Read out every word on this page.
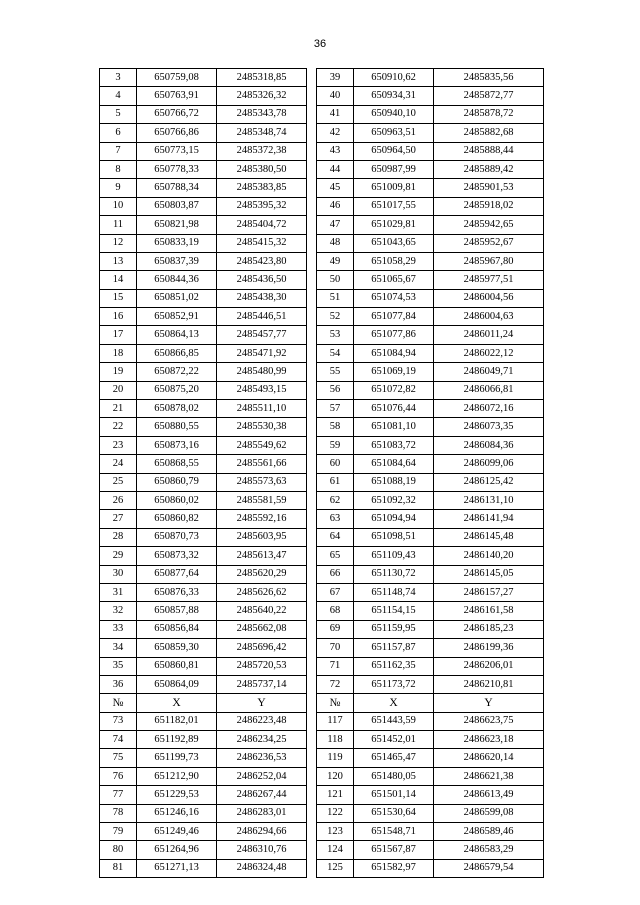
36
3	650759,08	2485318,85		39	650910,62	2485835,56
4	650763,91	2485326,32		40	650934,31	2485872,77
5	650766,72	2485343,78		41	650940,10	2485878,72
6	650766,86	2485348,74		42	650963,51	2485882,68
7	650773,15	2485372,38		43	650964,50	2485888,44
8	650778,33	2485380,50		44	650987,99	2485889,42
9	650788,34	2485383,85		45	651009,81	2485901,53
10	650803,87	2485395,32		46	651017,55	2485918,02
11	650821,98	2485404,72		47	651029,81	2485942,65
12	650833,19	2485415,32		48	651043,65	2485952,67
13	650837,39	2485423,80		49	651058,29	2485967,80
14	650844,36	2485436,50		50	651065,67	2485977,51
15	650851,02	2485438,30		51	651074,53	2486004,56
16	650852,91	2485446,51		52	651077,84	2486004,63
17	650864,13	2485457,77		53	651077,86	2486011,24
18	650866,85	2485471,92		54	651084,94	2486022,12
19	650872,22	2485480,99		55	651069,19	2486049,71
20	650875,20	2485493,15		56	651072,82	2486066,81
21	650878,02	2485511,10		57	651076,44	2486072,16
22	650880,55	2485530,38		58	651081,10	2486073,35
23	650873,16	2485549,62		59	651083,72	2486084,36
24	650868,55	2485561,66		60	651084,64	2486099,06
25	650860,79	2485573,63		61	651088,19	2486125,42
26	650860,02	2485581,59		62	651092,32	2486131,10
27	650860,82	2485592,16		63	651094,94	2486141,94
28	650870,73	2485603,95		64	651098,51	2486145,48
29	650873,32	2485613,47		65	651109,43	2486140,20
30	650877,64	2485620,29		66	651130,72	2486145,05
31	650876,33	2485626,62		67	651148,74	2486157,27
32	650857,88	2485640,22		68	651154,15	2486161,58
33	650856,84	2485662,08		69	651159,95	2486185,23
34	650859,30	2485696,42		70	651157,87	2486199,36
35	650860,81	2485720,53		71	651162,35	2486206,01
36	650864,09	2485737,14		72	651173,72	2486210,81
№	X	Y		№	X	Y
73	651182,01	2486223,48		117	651443,59	2486623,75
74	651192,89	2486234,25		118	651452,01	2486623,18
75	651199,73	2486236,53		119	651465,47	2486620,14
76	651212,90	2486252,04		120	651480,05	2486621,38
77	651229,53	2486267,44		121	651501,14	2486613,49
78	651246,16	2486283,01		122	651530,64	2486599,08
79	651249,46	2486294,66		123	651548,71	2486589,46
80	651264,96	2486310,76		124	651567,87	2486583,29
81	651271,13	2486324,48		125	651582,97	2486579,54
